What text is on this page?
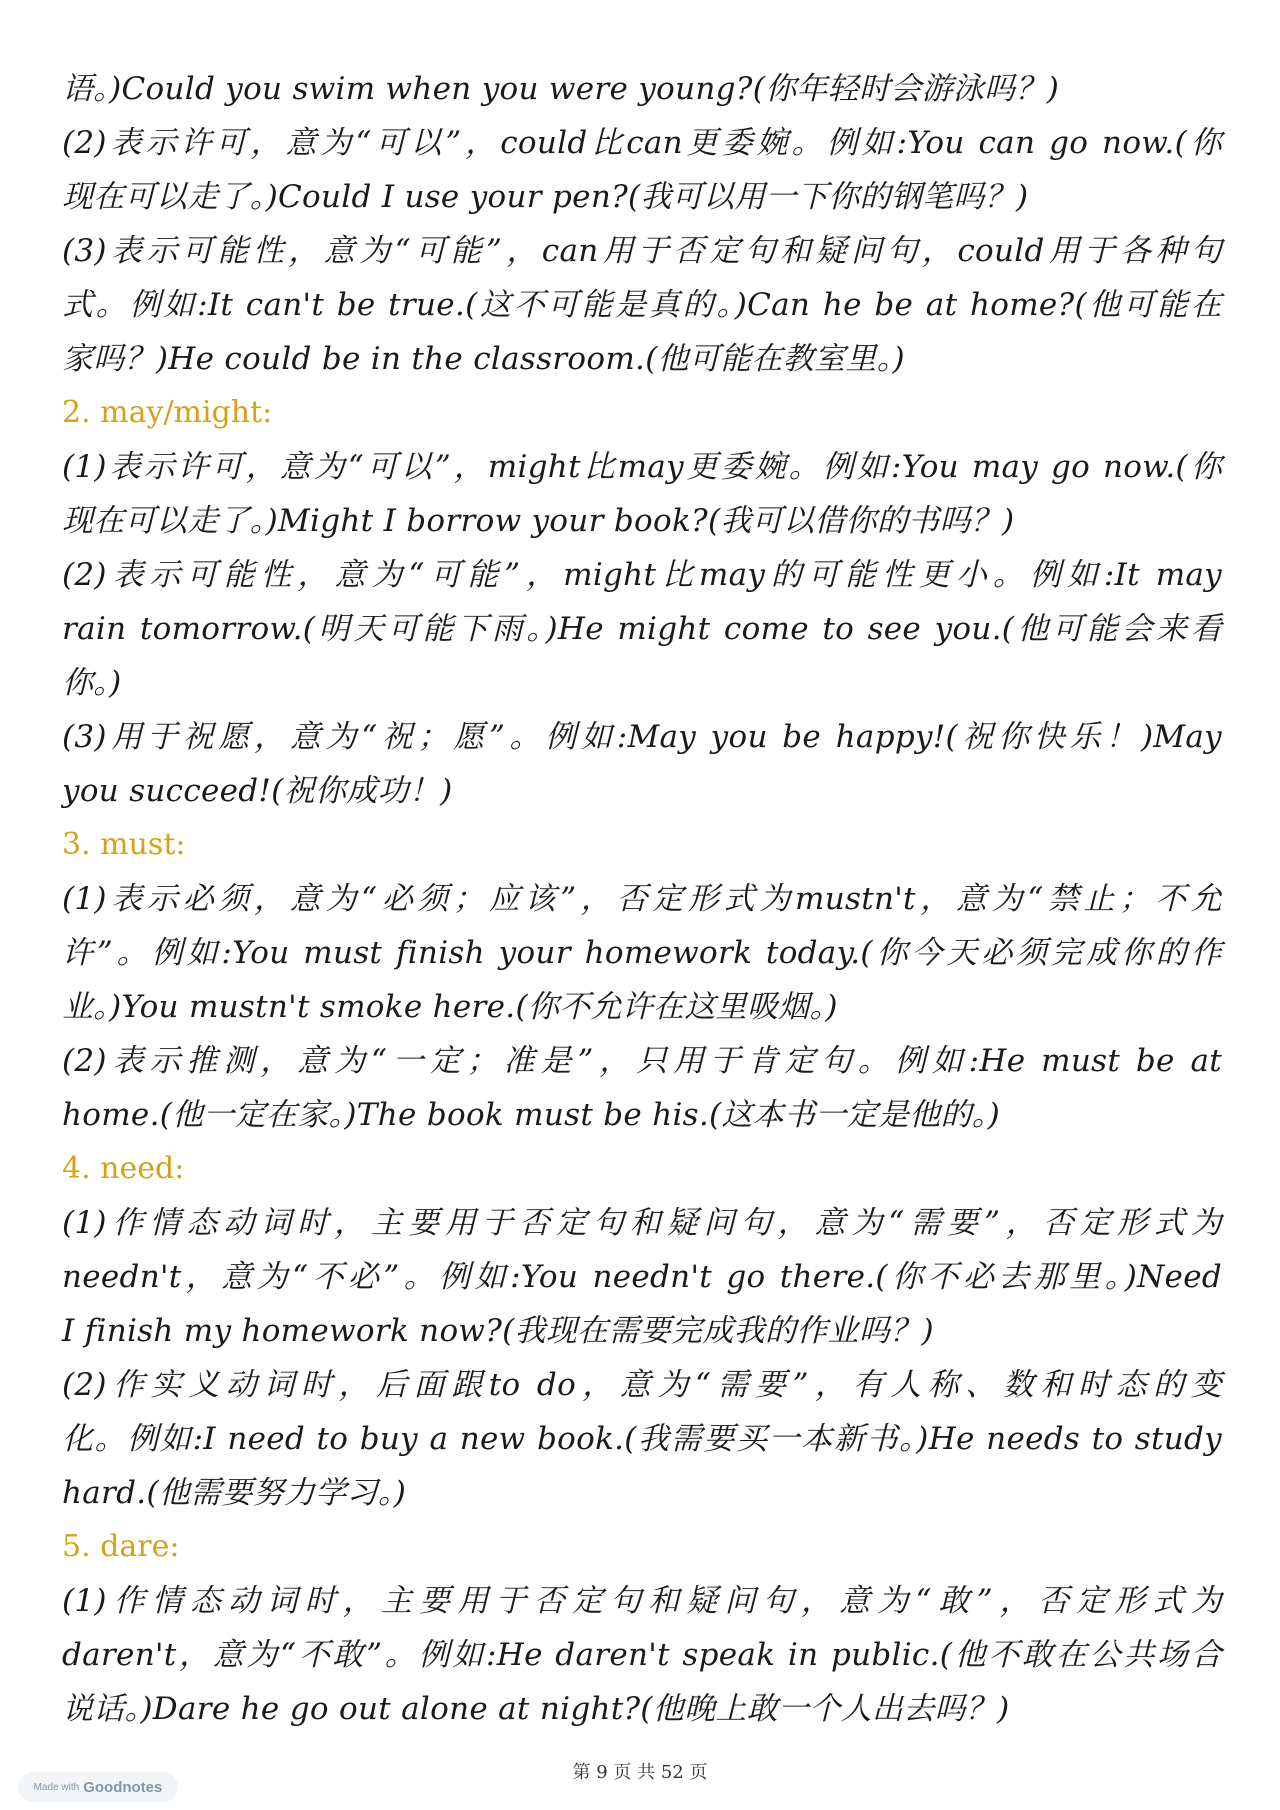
语。)Could you swim when you were young?(你年轻时会游泳吗？)
(2)表示许可，意为“可以”，could比can更委婉。例如:You can go now.(你
现在可以走了。)Could I use your pen?(我可以用一下你的钢笔吗？)
(3)表示可能性，意为“可能”，can用于否定句和疑问句，could用于各种句
式。例如:It can't be true.(这不可能是真的。)Can he be at home?(他可能在
家吗？)He could be in the classroom.(他可能在教室里。)
2. may/might:
(1)表示许可，意为“可以”，might比may更委婉。例如:You may go now.(你
现在可以走了。)Might I borrow your book?(我可以借你的书吗？)
(2)表示可能性，意为“可能”，might比may的可能性更小。例如:It may
rain tomorrow.(明天可能下雨。)He might come to see you.(他可能会来看
你。)
(3)用于祝愿，意为“祝；愿”。例如:May you be happy!(祝你快乐！)May
you succeed!(祝你成功！)
3. must:
(1)表示必须，意为“必须；应该”，否定形式为mustn't，意为“禁止；不允
许”。例如:You must finish your homework today.(你今天必须完成你的作
业。)You mustn't smoke here.(你不允许在这里吸烟。)
(2)表示推测，意为“一定；准是”，只用于肯定句。例如:He must be at
home.(他一定在家。)The book must be his.(这本书一定是他的。)
4. need:
(1)作情态动词时，主要用于否定句和疑问句，意为“需要”，否定形式为
needn't，意为“不必”。例如:You needn't go there.(你不必去那里。)Need
I finish my homework now?(我现在需要完成我的作业吗？)
(2)作实义动词时，后面跟to do，意为“需要”，有人称、数和时态的变
化。例如:I need to buy a new book.(我需要买一本新书。)He needs to study
hard.(他需要努力学习。)
5. dare:
(1)作情态动词时，主要用于否定句和疑问句，意为“敢”，否定形式为
daren't，意为“不敢”。例如:He daren't speak in public.(他不敢在公共场合
说话。)Dare he go out alone at night?(他晚上敢一个人出去吗？)
第 9 页 共 52 页
Made with Goodnotes
